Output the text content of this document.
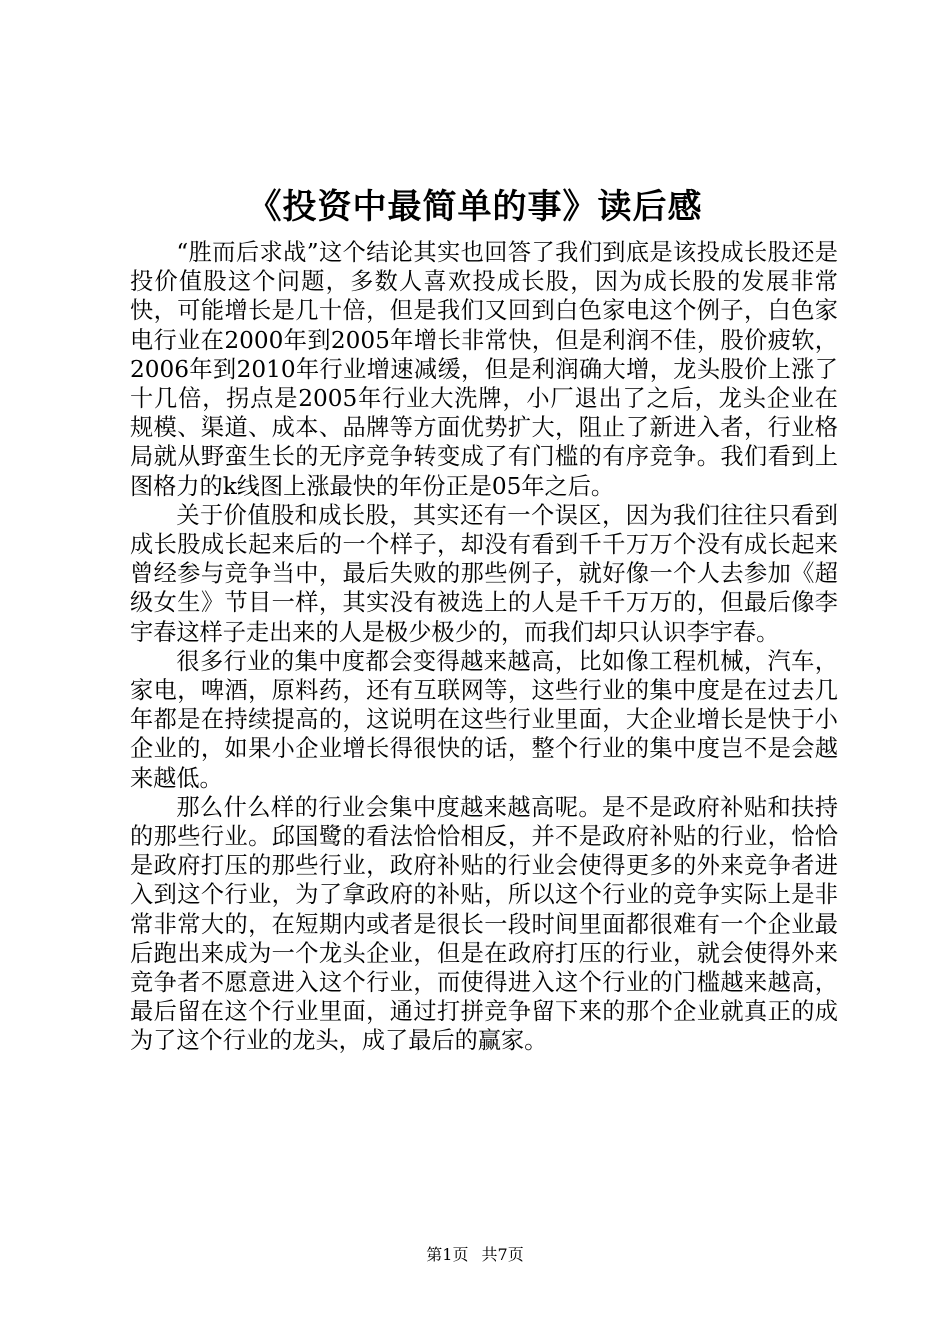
《投资中最简单的事》读后感

“胜而后求战”这个结论其实也回答了我们到底是该投成长股还是投价值股这个问题，多数人喜欢投成长股，因为成长股的发展非常快，可能增长是几十倍，但是我们又回到白色家电这个例子，白色家电行业在2000年到2005年增长非常快，但是利润不佳，股价疲软，2006年到2010年行业增速减缓，但是利润确大增，龙头股价上涨了十几倍，拐点是2005年行业大洗牌，小厂退出了之后，龙头企业在规模、渠道、成本、品牌等方面优势扩大，阻止了新进入者，行业格局就从野蛮生长的无序竞争转变成了有门槛的有序竞争。我们看到上图格力的k线图上涨最快的年份正是05年之后。

关于价值股和成长股，其实还有一个误区，因为我们往往只看到成长股成长起来后的一个样子，却没有看到千千万万个没有成长起来曾经参与竞争当中，最后失败的那些例子，就好像一个人去参加《超级女生》节目一样，其实没有被选上的人是千千万万的，但最后像李宇春这样子走出来的人是极少极少的，而我们却只认识李宇春。

很多行业的集中度都会变得越来越高，比如像工程机械，汽车，家电，啤酒，原料药，还有互联网等，这些行业的集中度是在过去几年都是在持续提高的，这说明在这些行业里面，大企业增长是快于小企业的，如果小企业增长得很快的话，整个行业的集中度岂不是会越来越低。

那么什么样的行业会集中度越来越高呢。是不是政府补贴和扶持的那些行业。邱国鹭的看法恰恰相反，并不是政府补贴的行业，恰恰是政府打压的那些行业，政府补贴的行业会使得更多的外来竞争者进入到这个行业，为了拿政府的补贴，所以这个行业的竞争实际上是非常非常大的，在短期内或者是很长一段时间里面都很难有一个企业最后跑出来成为一个龙头企业，但是在政府打压的行业，就会使得外来竞争者不愿意进入这个行业，而使得进入这个行业的门槛越来越高，最后留在这个行业里面，通过打拼竞争留下来的那个企业就真正的成为了这个行业的龙头，成了最后的赢家。

第1页 共7页
